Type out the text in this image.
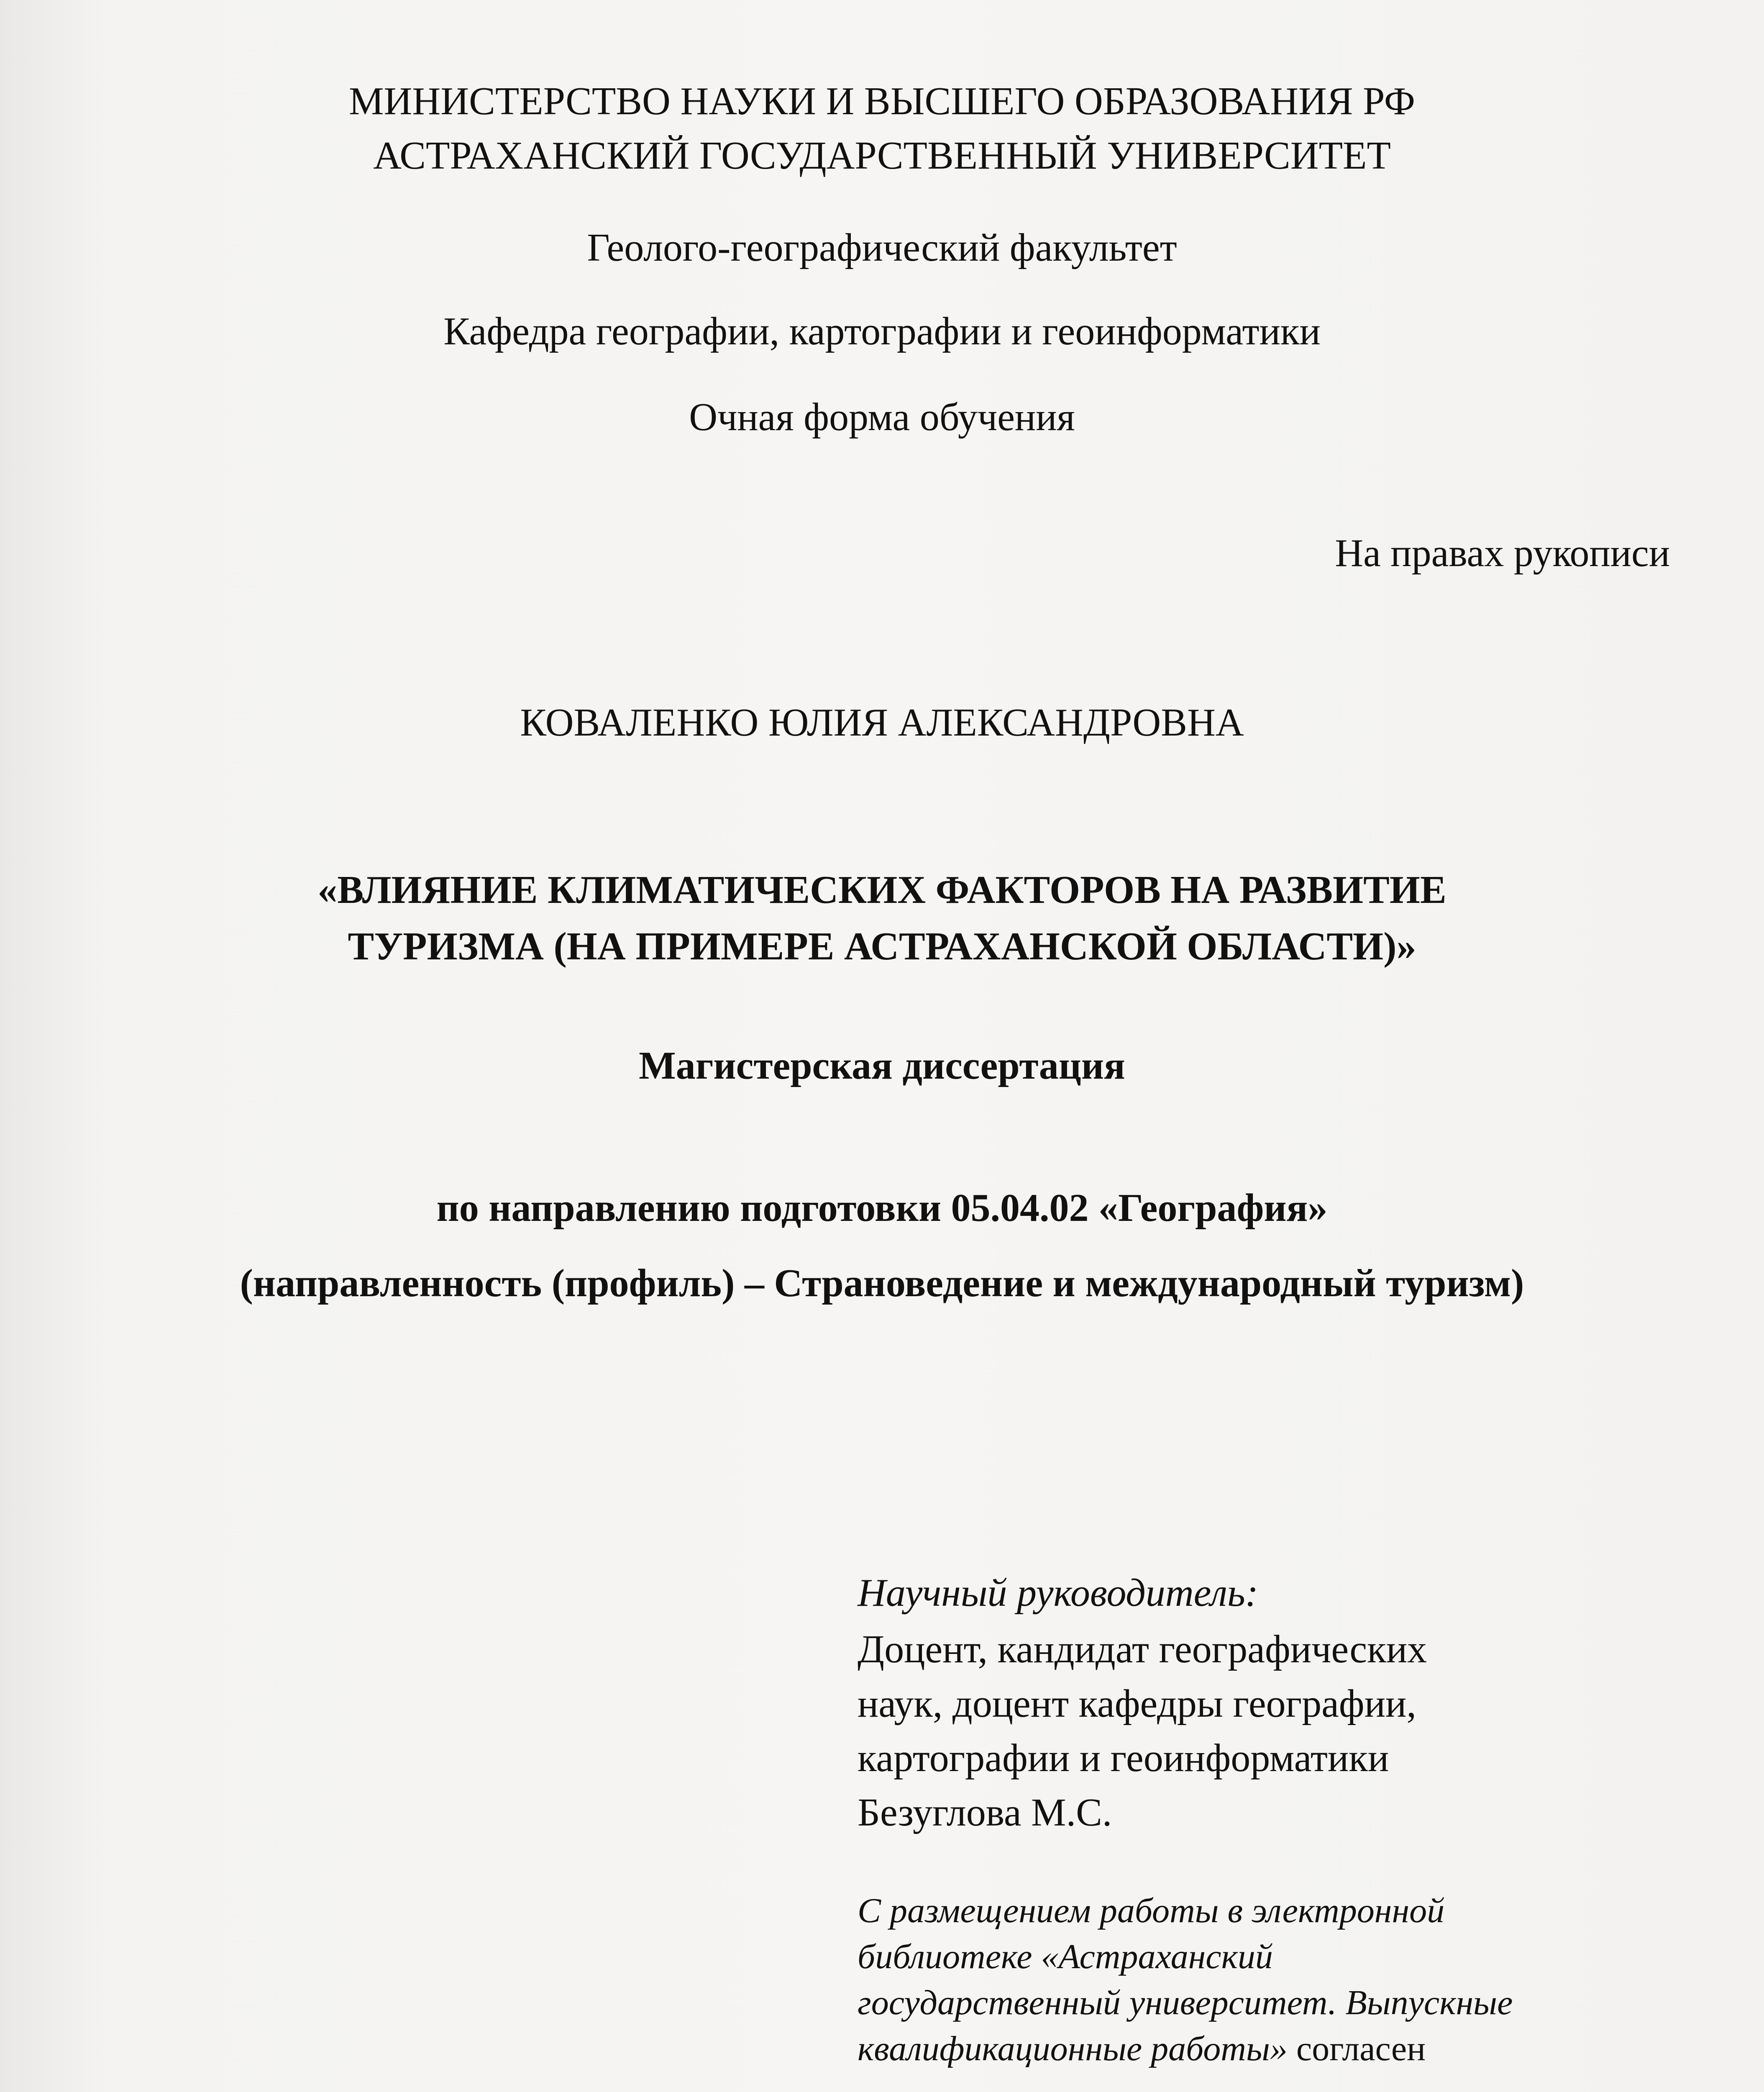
МИНИСТЕРСТВО НАУКИ И ВЫСШЕГО ОБРАЗОВАНИЯ РФ
АСТРАХАНСКИЙ ГОСУДАРСТВЕННЫЙ УНИВЕРСИТЕТ
Геолого-географический факультет
Кафедра географии, картографии и геоинформатики
Очная форма обучения
На правах рукописи
КОВАЛЕНКО ЮЛИЯ АЛЕКСАНДРОВНА
«ВЛИЯНИЕ КЛИМАТИЧЕСКИХ ФАКТОРОВ НА РАЗВИТИЕ
ТУРИЗМА (НА ПРИМЕРЕ АСТРАХАНСКОЙ ОБЛАСТИ)»
Магистерская диссертация
по направлению подготовки 05.04.02 «География»
(направленность (профиль) – Страноведение и международный туризм)
Научный руководитель:
Доцент, кандидат географических
наук, доцент кафедры географии,
картографии и геоинформатики
Безуглова М.С.
С размещением работы в электронной
библиотеке «Астраханский
государственный университет. Выпускные
квалификационные работы» согласен
